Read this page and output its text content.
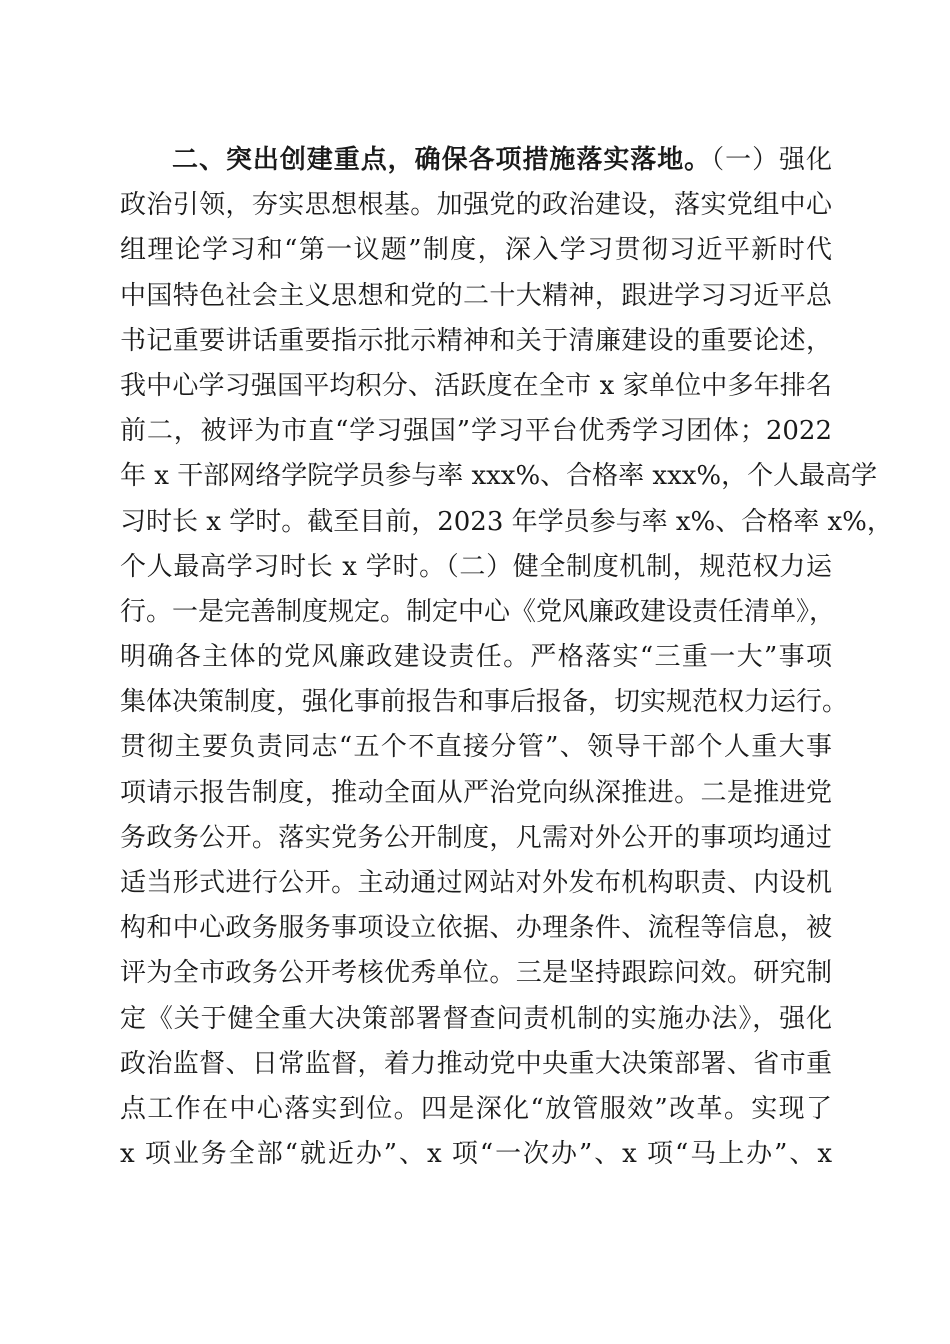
二、突出创建重点，确保各项措施落实落地。（一）强化
政治引领，夯实思想根基。加强党的政治建设，落实党组中心
组理论学习和“第一议题”制度，深入学习贯彻习近平新时代
中国特色社会主义思想和党的二十大精神，跟进学习习近平总
书记重要讲话重要指示批示精神和关于清廉建设的重要论述，
我中心学习强国平均积分、活跃度在全市 x 家单位中多年排名
前二，被评为市直“学习强国”学习平台优秀学习团体；2022
年 x 干部网络学院学员参与率 xxx%、合格率 xxx%，个人最高学
习时长 x 学时。截至目前，2023 年学员参与率 x%、合格率 x%，
个人最高学习时长 x 学时。（二）健全制度机制，规范权力运
行。一是完善制度规定。制定中心《党风廉政建设责任清单》，
明确各主体的党风廉政建设责任。严格落实“三重一大”事项
集体决策制度，强化事前报告和事后报备，切实规范权力运行。
贯彻主要负责同志“五个不直接分管”、领导干部个人重大事
项请示报告制度，推动全面从严治党向纵深推进。二是推进党
务政务公开。落实党务公开制度，凡需对外公开的事项均通过
适当形式进行公开。主动通过网站对外发布机构职责、内设机
构和中心政务服务事项设立依据、办理条件、流程等信息，被
评为全市政务公开考核优秀单位。三是坚持跟踪问效。研究制
定《关于健全重大决策部署督查问责机制的实施办法》，强化
政治监督、日常监督，着力推动党中央重大决策部署、省市重
点工作在中心落实到位。四是深化“放管服效”改革。实现了
x 项业务全部“就近办”、x 项“一次办”、x 项“马上办”、x
